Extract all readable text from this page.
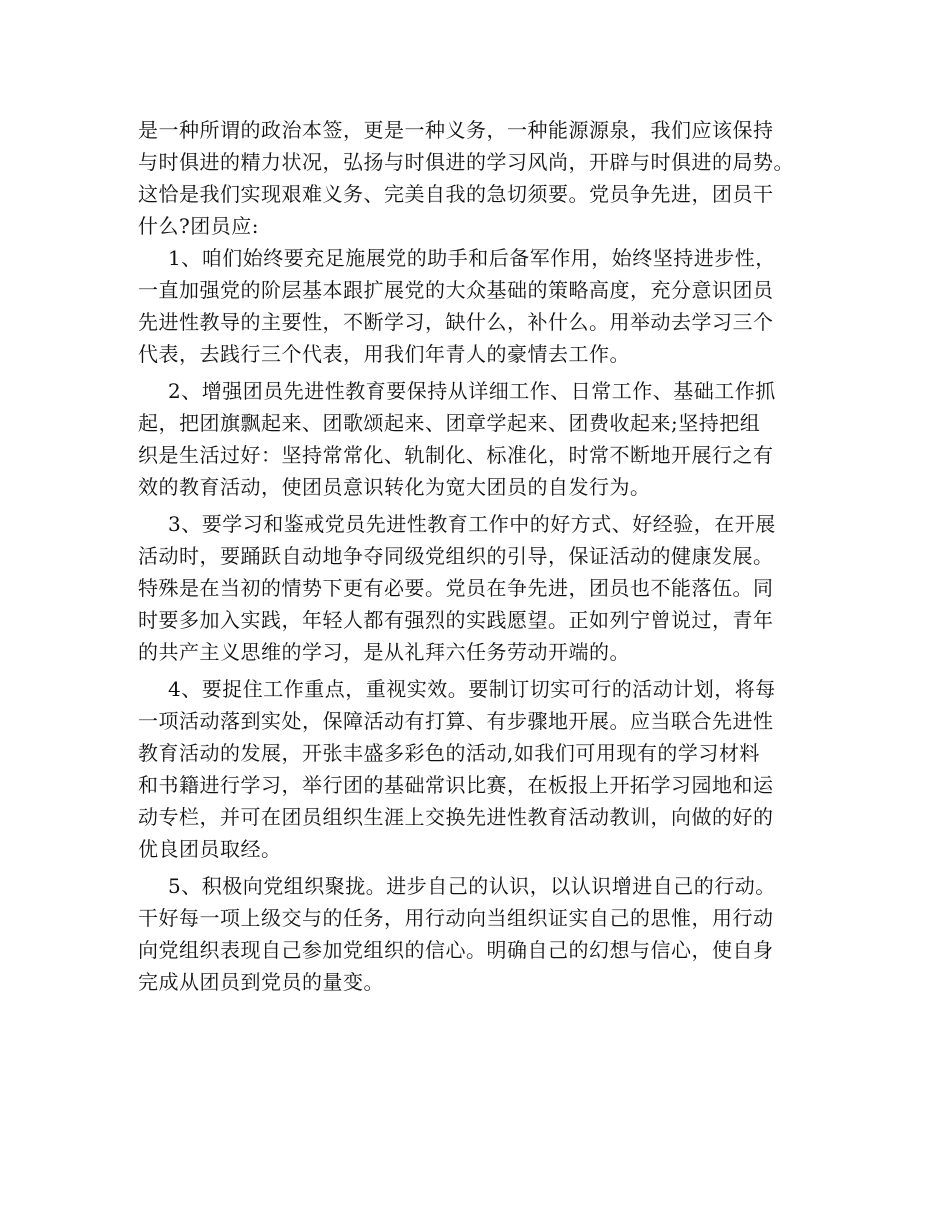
是一种所谓的政治本签，更是一种义务，一种能源源泉，我们应该保持
与时俱进的精力状况，弘扬与时俱进的学习风尚，开辟与时俱进的局势。
这恰是我们实现艰难义务、完美自我的急切须要。党员争先进，团员干
什么?团员应:
1、咱们始终要充足施展党的助手和后备军作用，始终坚持进步性，
一直加强党的阶层基本跟扩展党的大众基础的策略高度，充分意识团员
先进性教导的主要性，不断学习，缺什么，补什么。用举动去学习三个
代表，去践行三个代表，用我们年青人的豪情去工作。
2、增强团员先进性教育要保持从详细工作、日常工作、基础工作抓
起，把团旗飘起来、团歌颂起来、团章学起来、团费收起来;坚持把组
织是生活过好：坚持常常化、轨制化、标准化，时常不断地开展行之有
效的教育活动，使团员意识转化为宽大团员的自发行为。
3、要学习和鉴戒党员先进性教育工作中的好方式、好经验，在开展
活动时，要踊跃自动地争夺同级党组织的引导，保证活动的健康发展。
特殊是在当初的情势下更有必要。党员在争先进，团员也不能落伍。同
时要多加入实践，年轻人都有强烈的实践愿望。正如列宁曾说过，青年
的共产主义思维的学习，是从礼拜六任务劳动开端的。
4、要捉住工作重点，重视实效。要制订切实可行的活动计划，将每
一项活动落到实处，保障活动有打算、有步骤地开展。应当联合先进性
教育活动的发展，开张丰盛多彩色的活动,如我们可用现有的学习材料
和书籍进行学习，举行团的基础常识比赛，在板报上开拓学习园地和运
动专栏，并可在团员组织生涯上交换先进性教育活动教训，向做的好的
优良团员取经。
5、积极向党组织聚拢。进步自己的认识，以认识增进自己的行动。
干好每一项上级交与的任务，用行动向当组织证实自己的思惟，用行动
向党组织表现自己参加党组织的信心。明确自己的幻想与信心，使自身
完成从团员到党员的量变。
